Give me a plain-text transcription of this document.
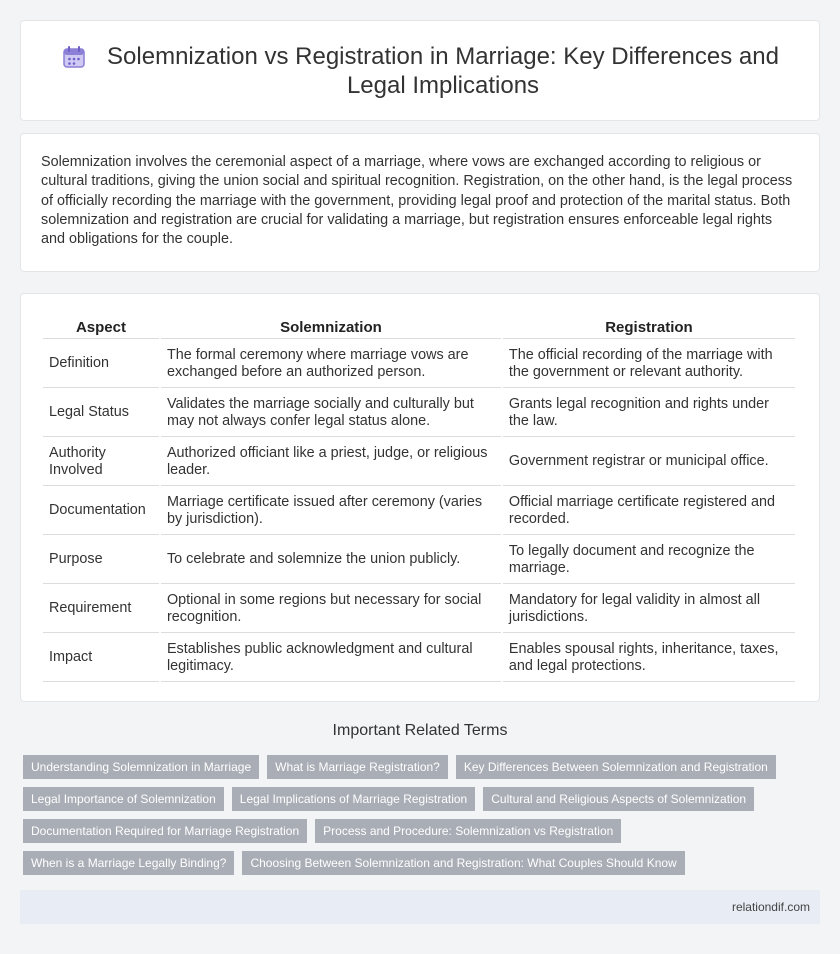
Solemnization vs Registration in Marriage: Key Differences and Legal Implications

Solemnization involves the ceremonial aspect of a marriage, where vows are exchanged according to religious or cultural traditions, giving the union social and spiritual recognition. Registration, on the other hand, is the legal process of officially recording the marriage with the government, providing legal proof and protection of the marital status. Both solemnization and registration are crucial for validating a marriage, but registration ensures enforceable legal rights and obligations for the couple.

Aspect	Solemnization	Registration
Definition	The formal ceremony where marriage vows are exchanged before an authorized person.	The official recording of the marriage with the government or relevant authority.
Legal Status	Validates the marriage socially and culturally but may not always confer legal status alone.	Grants legal recognition and rights under the law.
Authority Involved	Authorized officiant like a priest, judge, or religious leader.	Government registrar or municipal office.
Documentation	Marriage certificate issued after ceremony (varies by jurisdiction).	Official marriage certificate registered and recorded.
Purpose	To celebrate and solemnize the union publicly.	To legally document and recognize the marriage.
Requirement	Optional in some regions but necessary for social recognition.	Mandatory for legal validity in almost all jurisdictions.
Impact	Establishes public acknowledgment and cultural legitimacy.	Enables spousal rights, inheritance, taxes, and legal protections.
Important Related Terms
Understanding Solemnization in Marriage	What is Marriage Registration?	Key Differences Between Solemnization and Registration
Legal Importance of Solemnization	Legal Implications of Marriage Registration	Cultural and Religious Aspects of Solemnization
Documentation Required for Marriage Registration	Process and Procedure: Solemnization vs Registration
When is a Marriage Legally Binding?	Choosing Between Solemnization and Registration: What Couples Should Know
relationdif.com
